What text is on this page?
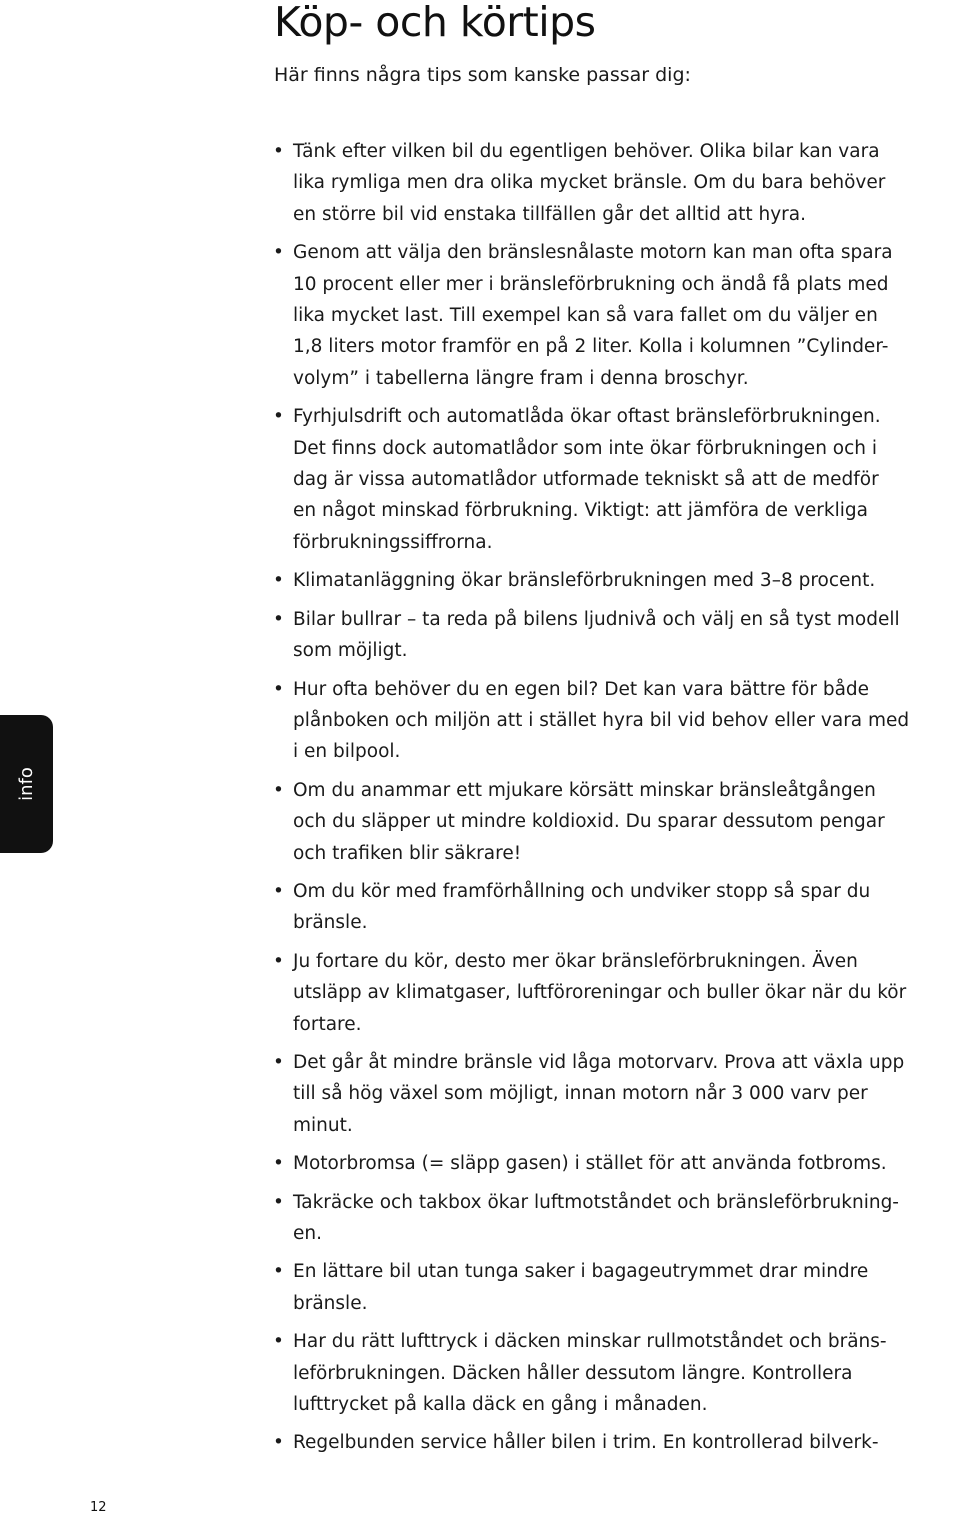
Köp- och körtips

Här finns några tips som kanske passar dig:

• Tänk efter vilken bil du egentligen behöver. Olika bilar kan vara
lika rymliga men dra olika mycket bränsle. Om du bara behöver
en större bil vid enstaka tillfällen går det alltid att hyra.
• Genom att välja den bränslesnålaste motorn kan man ofta spara
10 procent eller mer i bränsleförbrukning och ändå få plats med
lika mycket last. Till exempel kan så vara fallet om du väljer en
1,8 liters motor framför en på 2 liter. Kolla i kolumnen ”Cylinder-
volym” i tabellerna längre fram i denna broschyr.
• Fyrhjulsdrift och automatlåda ökar oftast bränsleförbrukningen.
Det finns dock automatlådor som inte ökar förbrukningen och i
dag är vissa automatlådor utformade tekniskt så att de medför
en något minskad förbrukning. Viktigt: att jämföra de verkliga
förbrukningssiffrorna.
• Klimatanläggning ökar bränsleförbrukningen med 3–8 procent.
• Bilar bullrar – ta reda på bilens ljudnivå och välj en så tyst modell
som möjligt.
• Hur ofta behöver du en egen bil? Det kan vara bättre för både
plånboken och miljön att i stället hyra bil vid behov eller vara med
i en bilpool.
• Om du anammar ett mjukare körsätt minskar bränsleåtgången
och du släpper ut mindre koldioxid. Du sparar dessutom pengar
och trafiken blir säkrare!
• Om du kör med framförhållning och undviker stopp så spar du
bränsle.
• Ju fortare du kör, desto mer ökar bränsleförbrukningen. Även
utsläpp av klimatgaser, luftföroreningar och buller ökar när du kör
fortare.
• Det går åt mindre bränsle vid låga motorvarv. Prova att växla upp
till så hög växel som möjligt, innan motorn når 3 000 varv per
minut.
• Motorbromsa (= släpp gasen) i stället för att använda fotbroms.
• Takräcke och takbox ökar luftmotståndet och bränsleförbrukning-
en.
• En lättare bil utan tunga saker i bagageutrymmet drar mindre
bränsle.
• Har du rätt lufttryck i däcken minskar rullmotståndet och bräns-
leförbrukningen. Däcken håller dessutom längre. Kontrollera
lufttrycket på kalla däck en gång i månaden.
• Regelbunden service håller bilen i trim. En kontrollerad bilverk-
info
12
